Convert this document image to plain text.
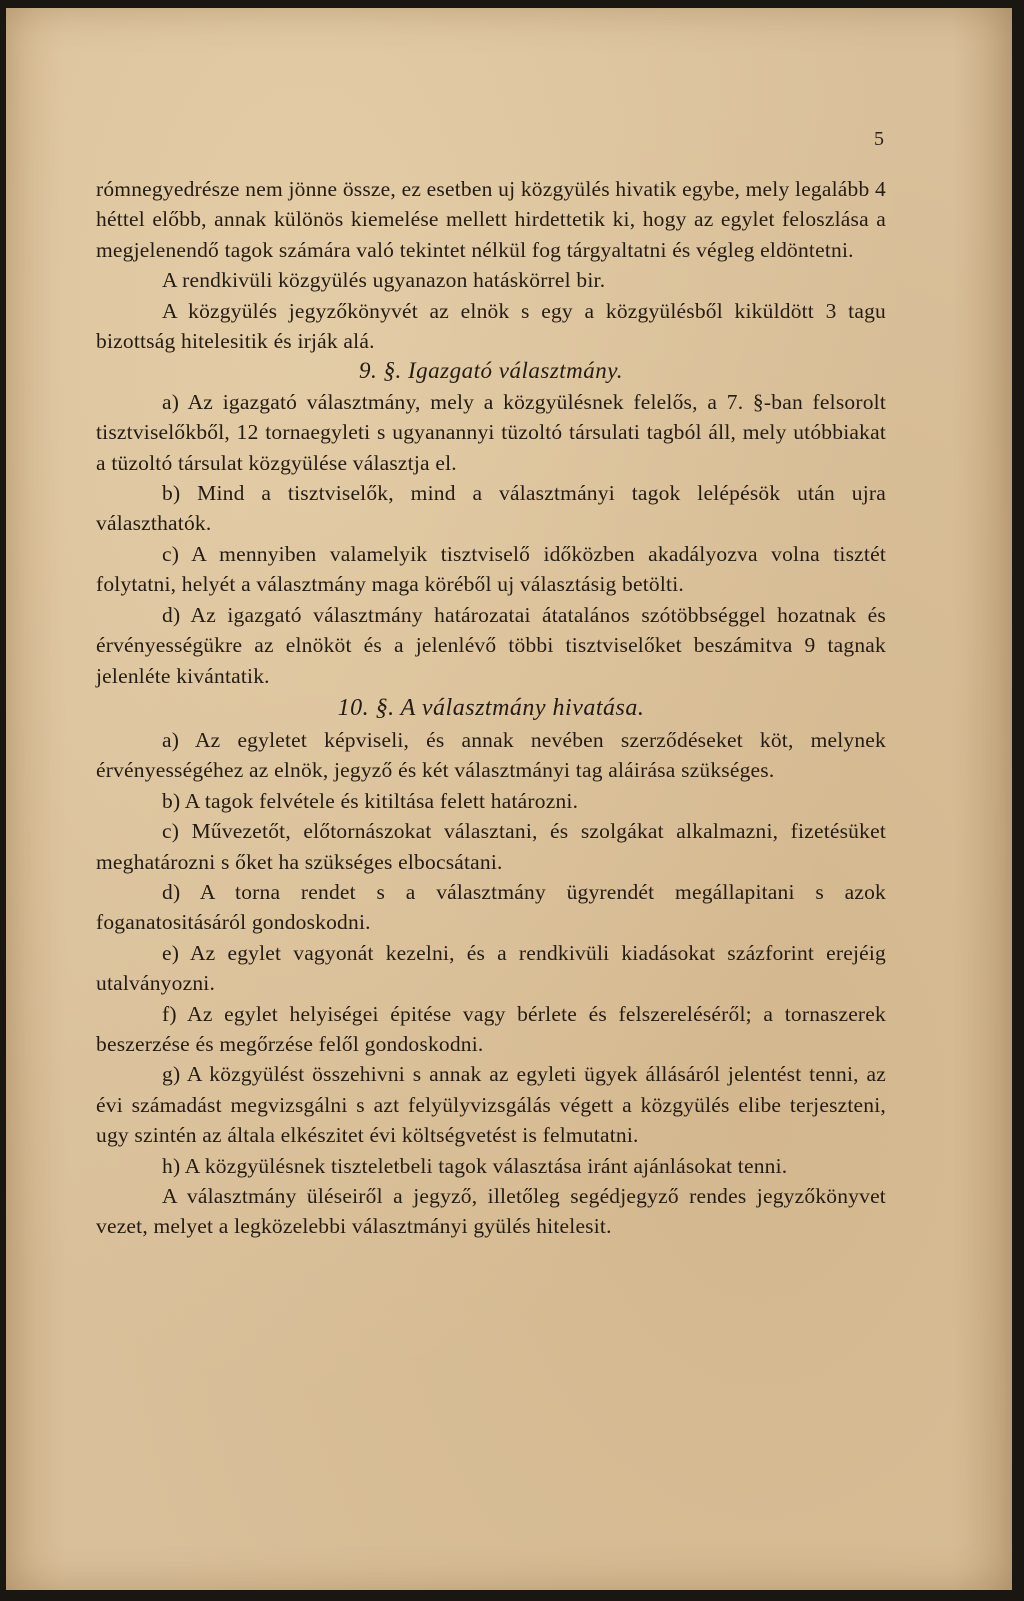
5

rómnegyedrésze nem jönne össze, ez esetben uj közgyülés hivatik egybe, mely legalább 4 héttel előbb, annak különös kiemelése mellett hirdettetik ki, hogy az egylet feloszlása a megjelenendő tagok számára való tekintet nélkül fog tárgyaltatni és végleg eldöntetni.

A rendkivüli közgyülés ugyanazon hatáskörrel bir.

A közgyülés jegyzőkönyvét az elnök s egy a közgyülésből kiküldött 3 tagu bizottság hitelesitik és irják alá.

9. §. Igazgató választmány.

a) Az igazgató választmány, mely a közgyülésnek felelős, a 7. §-ban felsorolt tisztviselőkből, 12 tornaegyleti s ugyanannyi tüzoltó társulati tagból áll, mely utóbbiakat a tüzoltó társulat közgyülése választja el.

b) Mind a tisztviselők, mind a választmányi tagok lelépésök után ujra választhatók.

c) A mennyiben valamelyik tisztviselő időközben akadályozva volna tisztét folytatni, helyét a választmány maga köréből uj választásig betölti.

d) Az igazgató választmány határozatai átatalános szótöbbséggel hozatnak és érvényességükre az elnököt és a jelenlévő többi tisztviselőket beszámitva 9 tagnak jelenléte kivántatik.

10. §. A választmány hivatása.

a) Az egyletet képviseli, és annak nevében szerződéseket köt, melynek érvényességéhez az elnök, jegyző és két választmányi tag aláirása szükséges.

b) A tagok felvétele és kitiltása felett határozni.

c) Művezetőt, előtornászokat választani, és szolgákat alkalmazni, fizetésüket meghatározni s őket ha szükséges elbocsátani.

d) A torna rendet s a választmány ügyrendét megállapitani s azok foganatositásáról gondoskodni.

e) Az egylet vagyonát kezelni, és a rendkivüli kiadásokat százforint erejéig utalványozni.

f) Az egylet helyiségei épitése vagy bérlete és felszereléséről; a tornaszerek beszerzése és megőrzése felől gondoskodni.

g) A közgyülést összehivni s annak az egyleti ügyek állásáról jelentést tenni, az évi számadást megvizsgálni s azt felyülyvizsgálás végett a közgyülés elibe terjeszteni, ugy szintén az általa elkészitet évi költségvetést is felmutatni.

h) A közgyülésnek tiszteletbeli tagok választása iránt ajánlásokat tenni.

A választmány üléseiről a jegyző, illetőleg segédjegyző rendes jegyzőkönyvet vezet, melyet a legközelebbi választmányi gyülés hitelesit.
